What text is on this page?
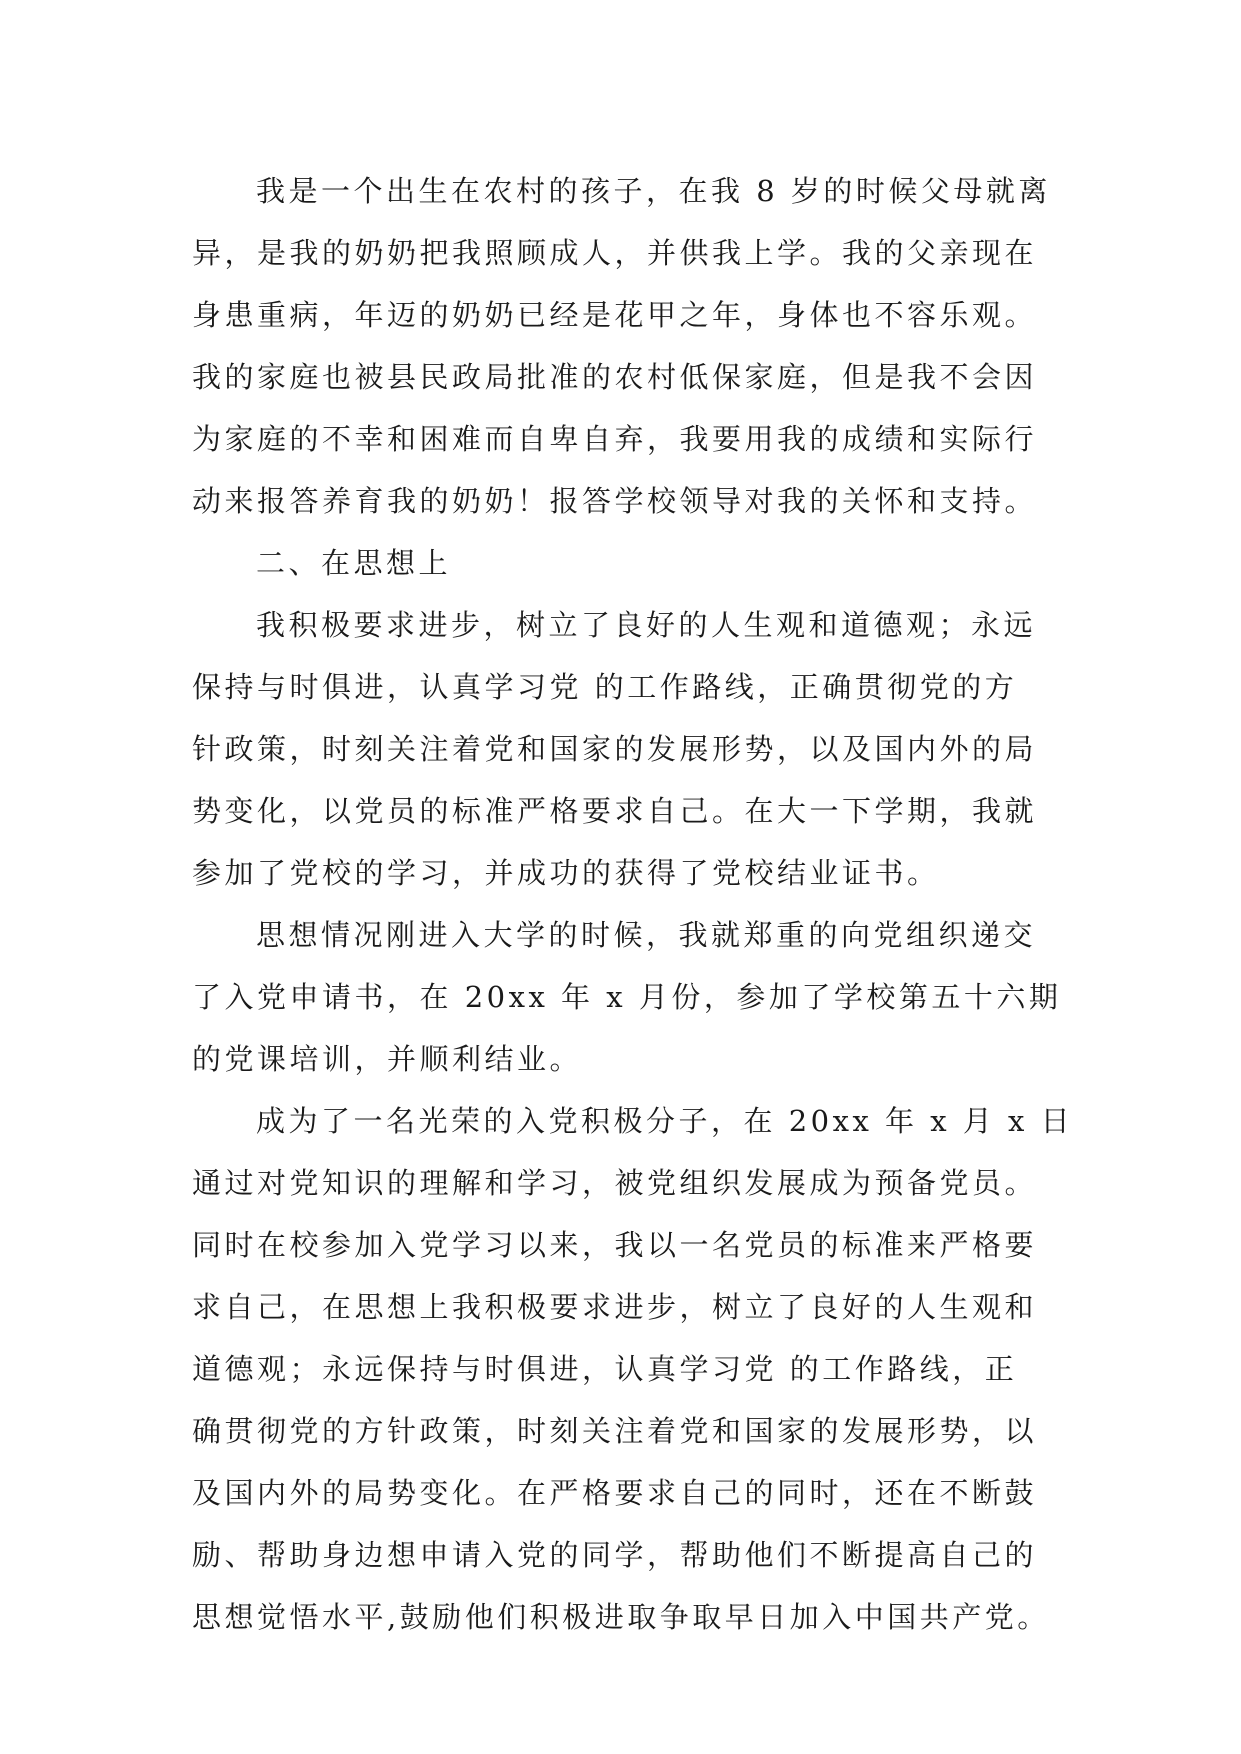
我是一个出生在农村的孩子，在我 8 岁的时候父母就离
异，是我的奶奶把我照顾成人，并供我上学。我的父亲现在
身患重病，年迈的奶奶已经是花甲之年，身体也不容乐观。
我的家庭也被县民政局批准的农村低保家庭，但是我不会因
为家庭的不幸和困难而自卑自弃，我要用我的成绩和实际行
动来报答养育我的奶奶！报答学校领导对我的关怀和支持。
二、在思想上
我积极要求进步，树立了良好的人生观和道德观；永远
保持与时俱进，认真学习党 的工作路线，正确贯彻党的方
针政策，时刻关注着党和国家的发展形势，以及国内外的局
势变化，以党员的标准严格要求自己。在大一下学期，我就
参加了党校的学习，并成功的获得了党校结业证书。
思想情况刚进入大学的时候，我就郑重的向党组织递交
了入党申请书，在 20xx 年 x 月份，参加了学校第五十六期
的党课培训，并顺利结业。
成为了一名光荣的入党积极分子，在 20xx 年 x 月 x 日
通过对党知识的理解和学习，被党组织发展成为预备党员。
同时在校参加入党学习以来，我以一名党员的标准来严格要
求自己，在思想上我积极要求进步，树立了良好的人生观和
道德观；永远保持与时俱进，认真学习党 的工作路线，正
确贯彻党的方针政策，时刻关注着党和国家的发展形势，以
及国内外的局势变化。在严格要求自己的同时，还在不断鼓
励、帮助身边想申请入党的同学，帮助他们不断提高自己的
思想觉悟水平,鼓励他们积极进取争取早日加入中国共产党。
